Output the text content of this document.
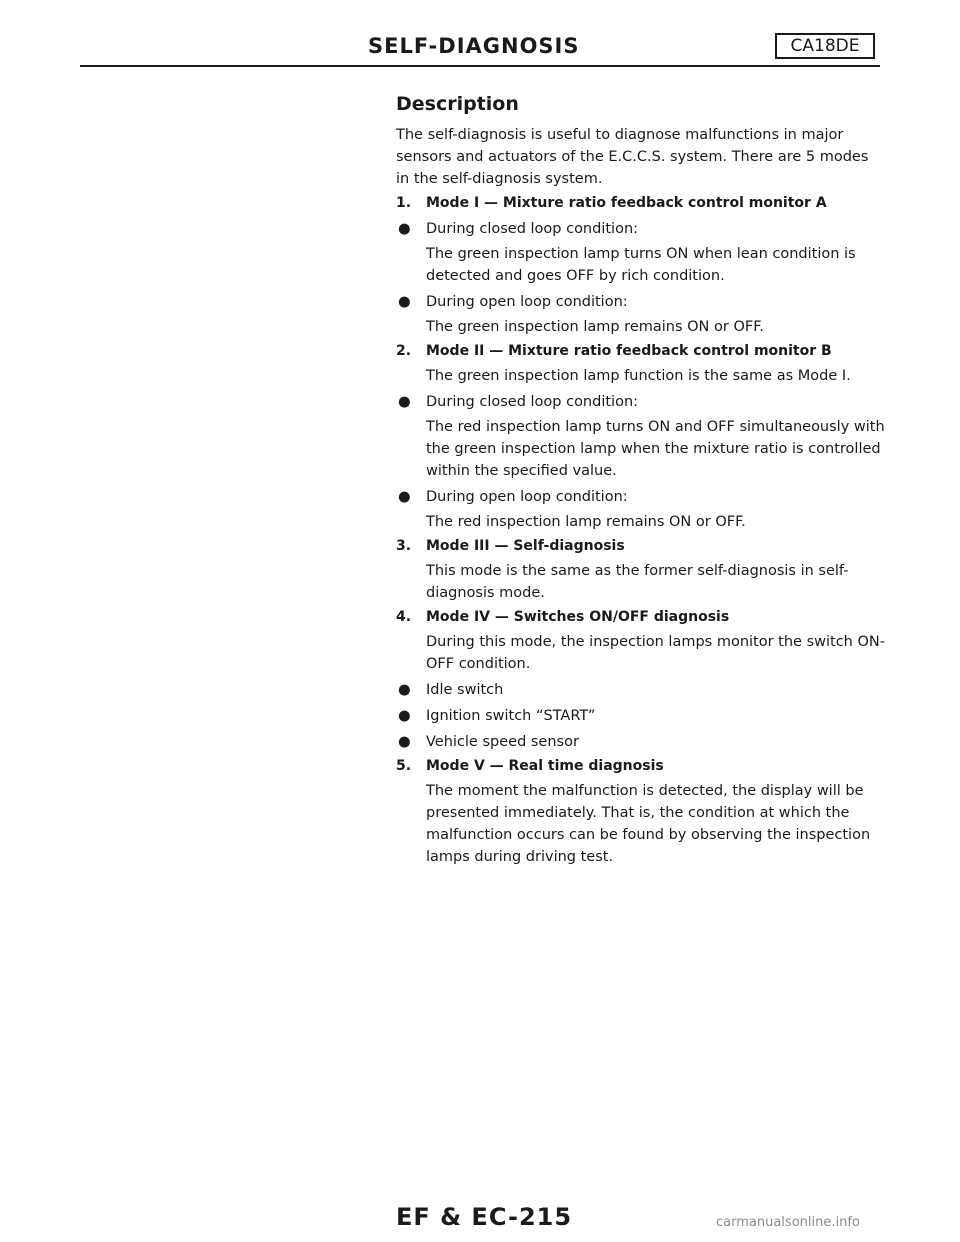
SELF-DIAGNOSIS	CA18DE
Description
The self-diagnosis is useful to diagnose malfunctions in major sensors and actuators of the E.C.C.S. system. There are 5 modes in the self-diagnosis system.
1. Mode I — Mixture ratio feedback control monitor A
● During closed loop condition:
The green inspection lamp turns ON when lean condition is detected and goes OFF by rich condition.
● During open loop condition:
The green inspection lamp remains ON or OFF.
2. Mode II — Mixture ratio feedback control monitor B
The green inspection lamp function is the same as Mode I.
● During closed loop condition:
The red inspection lamp turns ON and OFF simultaneously with the green inspection lamp when the mixture ratio is controlled within the specified value.
● During open loop condition:
The red inspection lamp remains ON or OFF.
3. Mode III — Self-diagnosis
This mode is the same as the former self-diagnosis in self-diagnosis mode.
4. Mode IV — Switches ON/OFF diagnosis
During this mode, the inspection lamps monitor the switch ON-OFF condition.
● Idle switch
● Ignition switch “START”
● Vehicle speed sensor
5. Mode V — Real time diagnosis
The moment the malfunction is detected, the display will be presented immediately. That is, the condition at which the malfunction occurs can be found by observing the inspection lamps during driving test.
EF & EC-215	carmanualsonline.info
